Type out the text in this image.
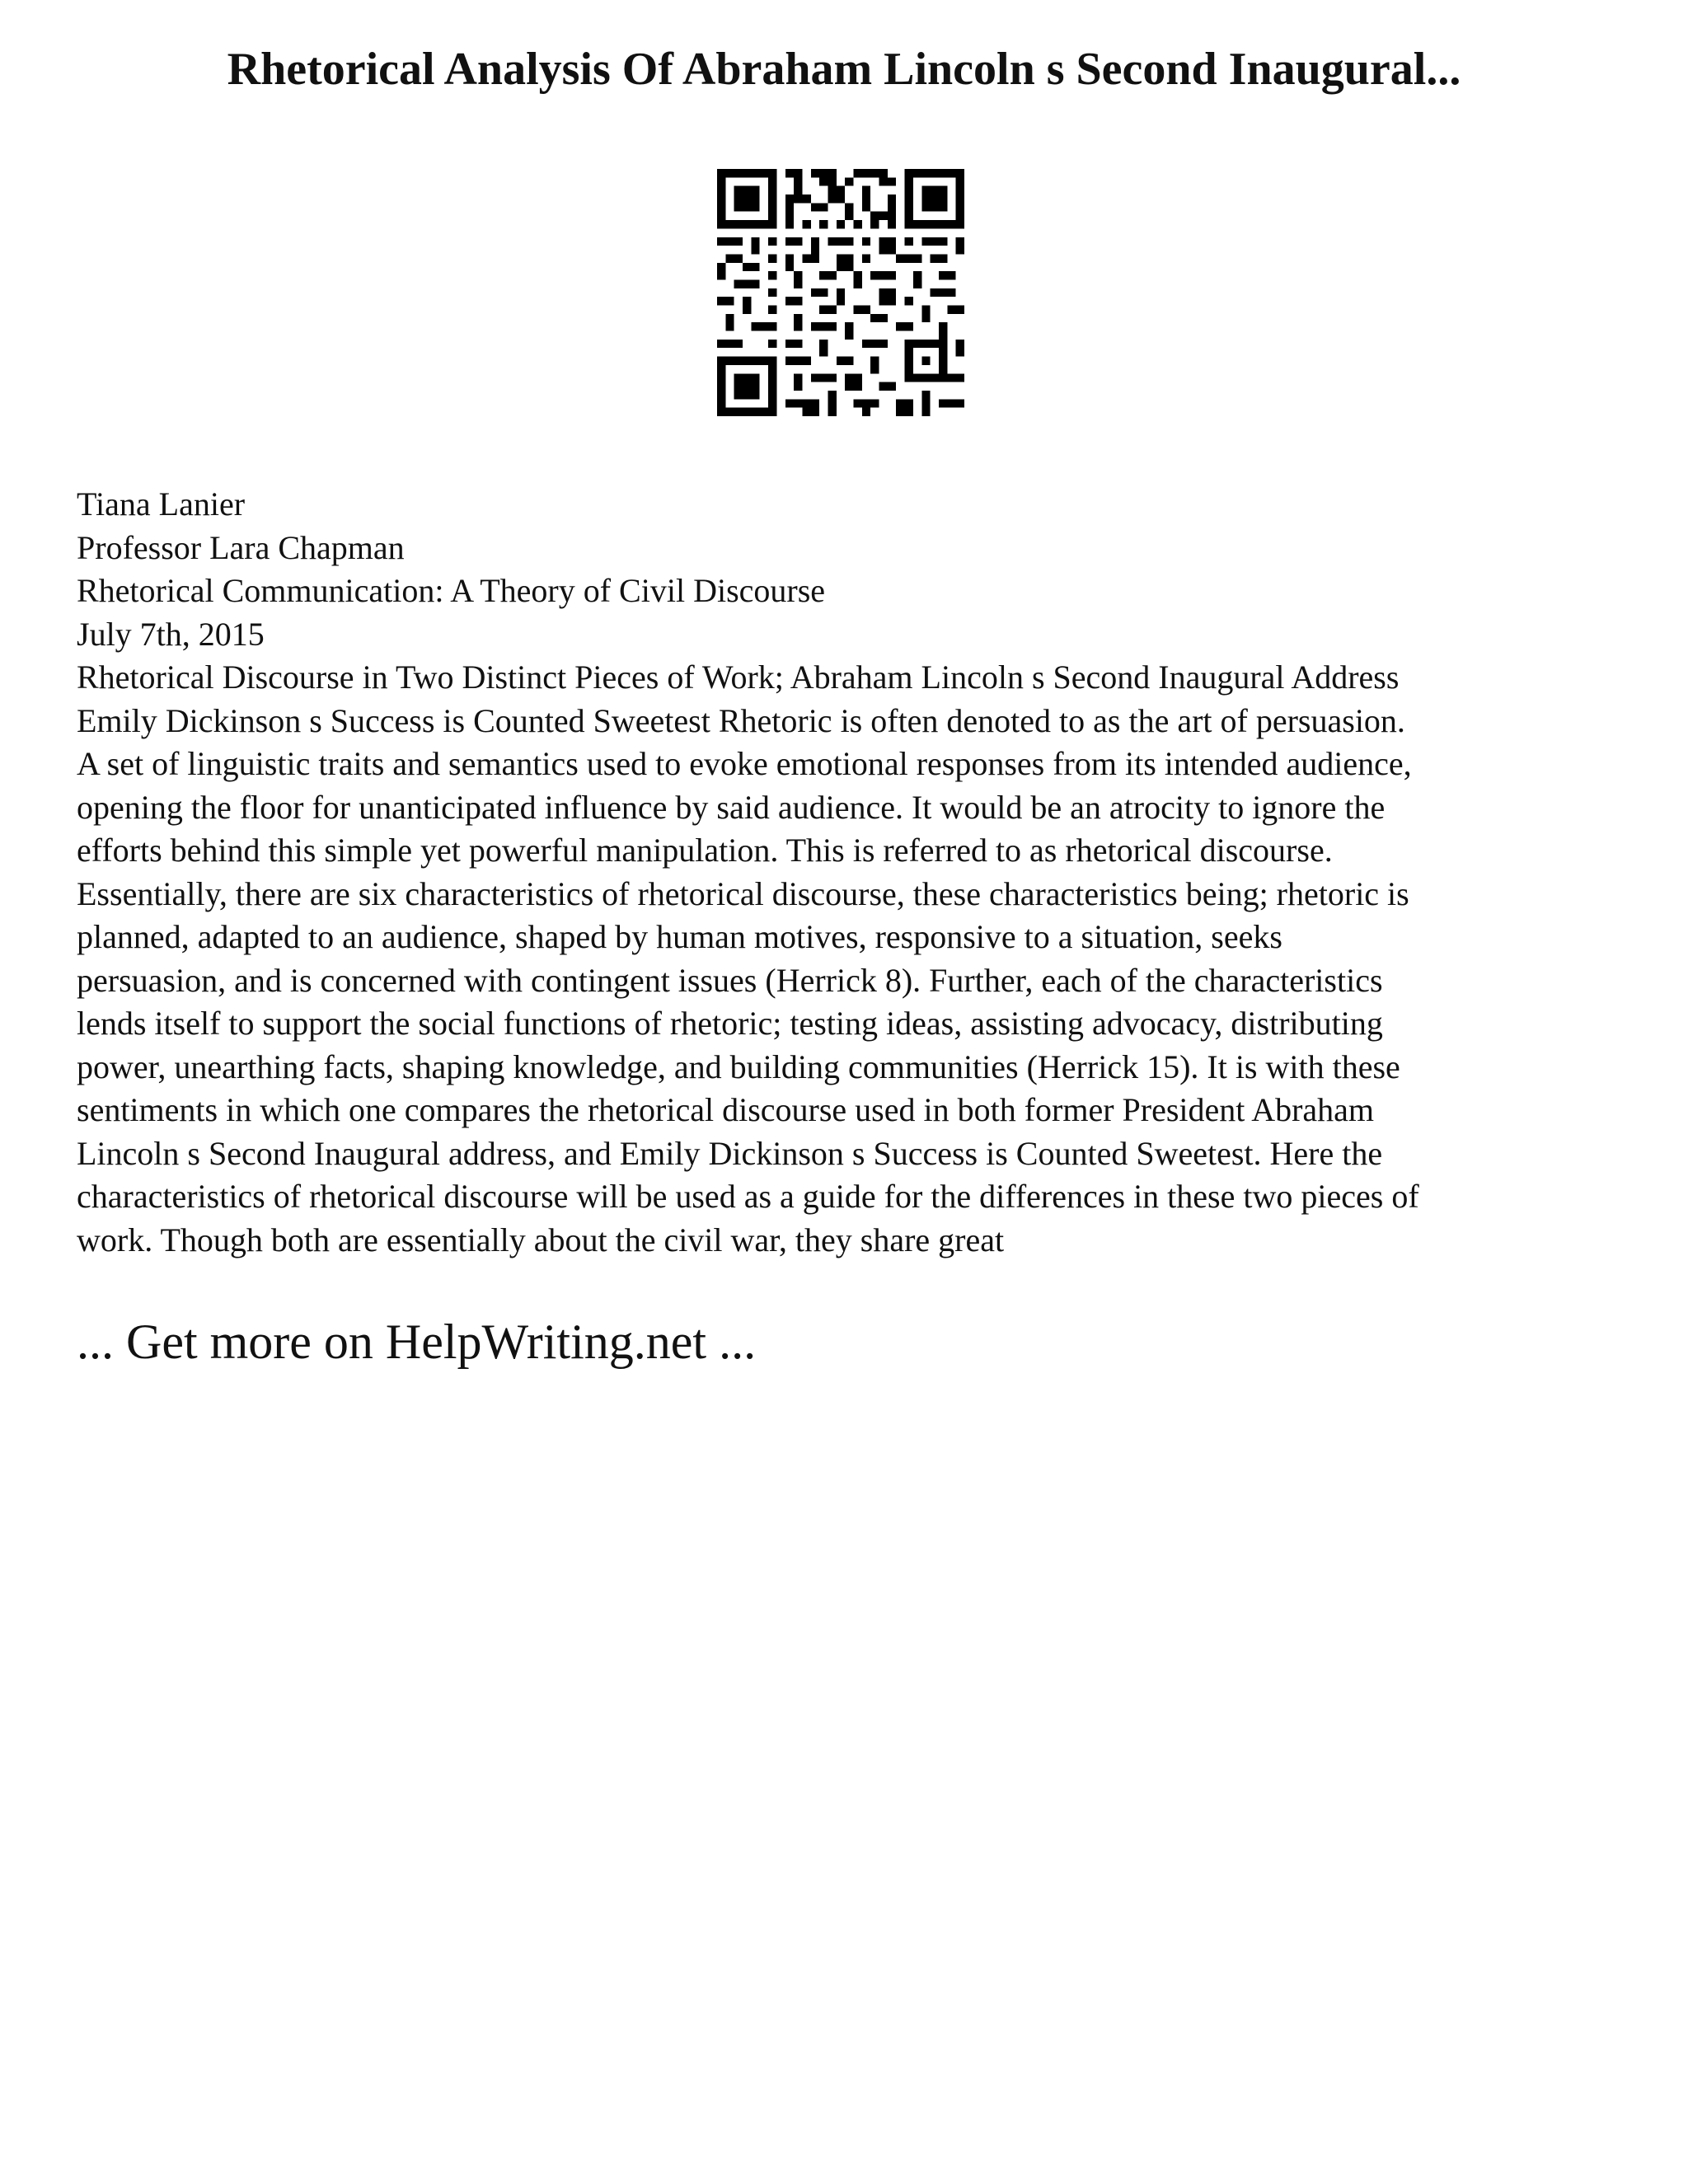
Rhetorical Analysis Of Abraham Lincoln s Second Inaugural...
Tiana Lanier
Professor Lara Chapman
Rhetorical Communication: A Theory of Civil Discourse
July 7th, 2015
Rhetorical Discourse in Two Distinct Pieces of Work; Abraham Lincoln s Second Inaugural Address
Emily Dickinson s Success is Counted Sweetest Rhetoric is often denoted to as the art of persuasion.
A set of linguistic traits and semantics used to evoke emotional responses from its intended audience,
opening the floor for unanticipated influence by said audience. It would be an atrocity to ignore the
efforts behind this simple yet powerful manipulation. This is referred to as rhetorical discourse.
Essentially, there are six characteristics of rhetorical discourse, these characteristics being; rhetoric is
planned, adapted to an audience, shaped by human motives, responsive to a situation, seeks
persuasion, and is concerned with contingent issues (Herrick 8). Further, each of the characteristics
lends itself to support the social functions of rhetoric; testing ideas, assisting advocacy, distributing
power, unearthing facts, shaping knowledge, and building communities (Herrick 15). It is with these
sentiments in which one compares the rhetorical discourse used in both former President Abraham
Lincoln s Second Inaugural address, and Emily Dickinson s Success is Counted Sweetest. Here the
characteristics of rhetorical discourse will be used as a guide for the differences in these two pieces of
work. Though both are essentially about the civil war, they share great
... Get more on HelpWriting.net ...
